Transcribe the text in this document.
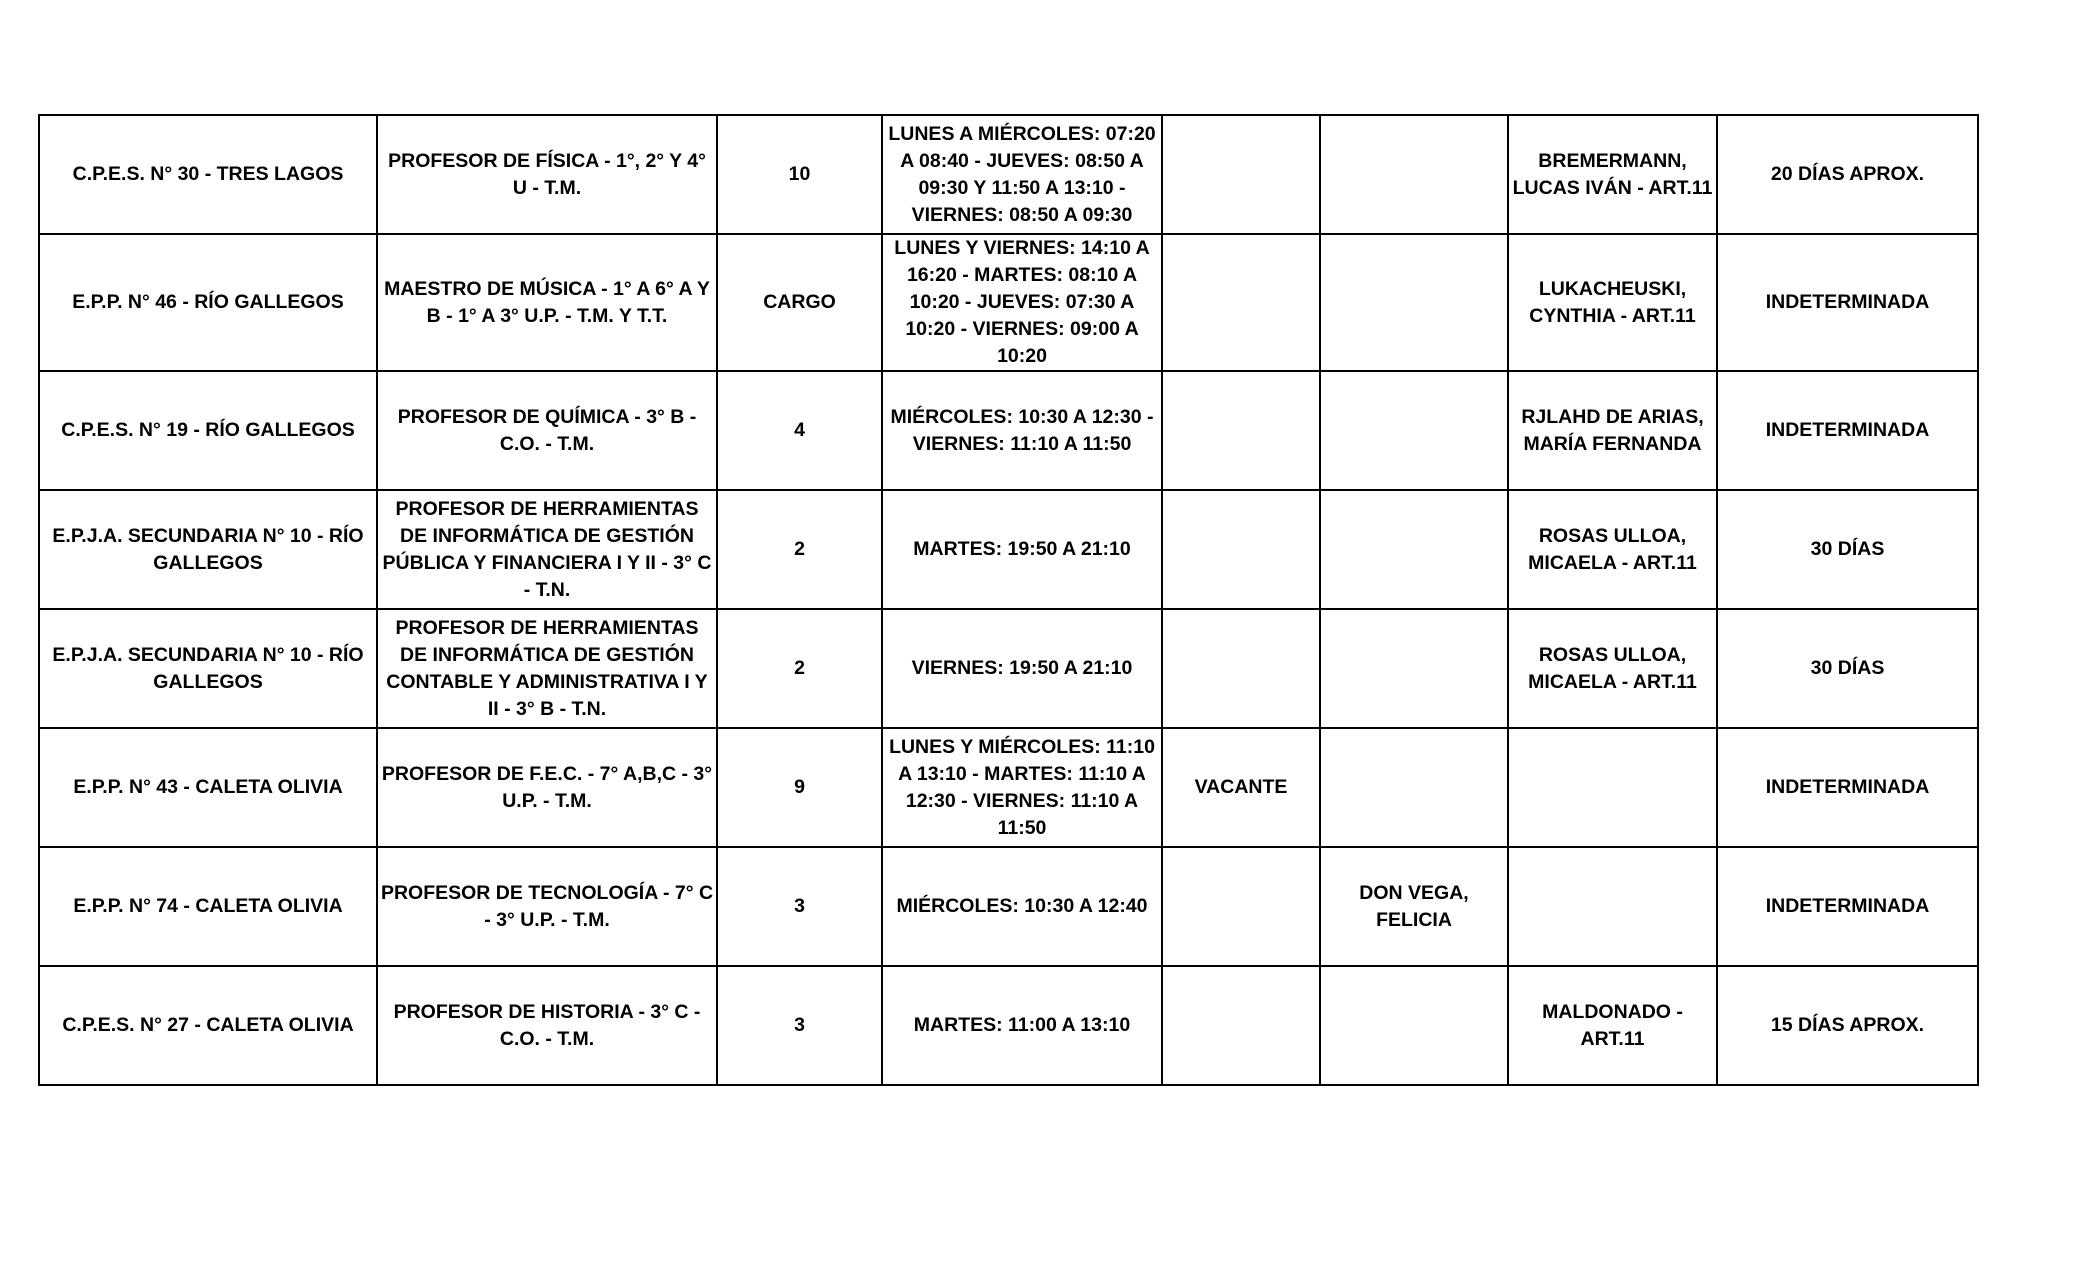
C.P.E.S. N° 30 - TRES LAGOS	PROFESOR DE FÍSICA - 1°, 2° Y 4° U - T.M.	10	LUNES A MIÉRCOLES: 07:20 A 08:40 - JUEVES: 08:50 A 09:30 Y 11:50 A 13:10 - VIERNES: 08:50 A 09:30			BREMERMANN, LUCAS IVÁN - ART.11	20 DÍAS APROX.
E.P.P. N° 46 - RÍO GALLEGOS	MAESTRO DE MÚSICA - 1° A 6° A Y B - 1° A 3° U.P. - T.M. Y T.T.	CARGO	LUNES Y VIERNES: 14:10 A 16:20 - MARTES: 08:10 A 10:20 - JUEVES: 07:30 A 10:20 - VIERNES: 09:00 A 10:20			LUKACHEUSKI, CYNTHIA - ART.11	INDETERMINADA
C.P.E.S. N° 19 - RÍO GALLEGOS	PROFESOR DE QUÍMICA - 3° B - C.O. - T.M.	4	MIÉRCOLES: 10:30 A 12:30 - VIERNES: 11:10 A 11:50			RJLAHD DE ARIAS, MARÍA FERNANDA	INDETERMINADA
E.P.J.A. SECUNDARIA N° 10 - RÍO GALLEGOS	PROFESOR DE HERRAMIENTAS DE INFORMÁTICA DE GESTIÓN PÚBLICA Y FINANCIERA I Y II - 3° C - T.N.	2	MARTES: 19:50 A 21:10			ROSAS ULLOA, MICAELA - ART.11	30 DÍAS
E.P.J.A. SECUNDARIA N° 10 - RÍO GALLEGOS	PROFESOR DE HERRAMIENTAS DE INFORMÁTICA DE GESTIÓN CONTABLE Y ADMINISTRATIVA I Y II - 3° B - T.N.	2	VIERNES: 19:50 A 21:10			ROSAS ULLOA, MICAELA - ART.11	30 DÍAS
E.P.P. N° 43 - CALETA OLIVIA	PROFESOR DE F.E.C. - 7° A,B,C - 3° U.P. - T.M.	9	LUNES Y MIÉRCOLES: 11:10 A 13:10 - MARTES: 11:10 A 12:30 - VIERNES: 11:10 A 11:50	VACANTE			INDETERMINADA
E.P.P. N° 74 - CALETA OLIVIA	PROFESOR DE TECNOLOGÍA - 7° C - 3° U.P. - T.M.	3	MIÉRCOLES: 10:30 A 12:40		DON VEGA, FELICIA		INDETERMINADA
C.P.E.S. N° 27 - CALETA OLIVIA	PROFESOR DE HISTORIA - 3° C - C.O. - T.M.	3	MARTES: 11:00 A 13:10			MALDONADO - ART.11	15 DÍAS APROX.
